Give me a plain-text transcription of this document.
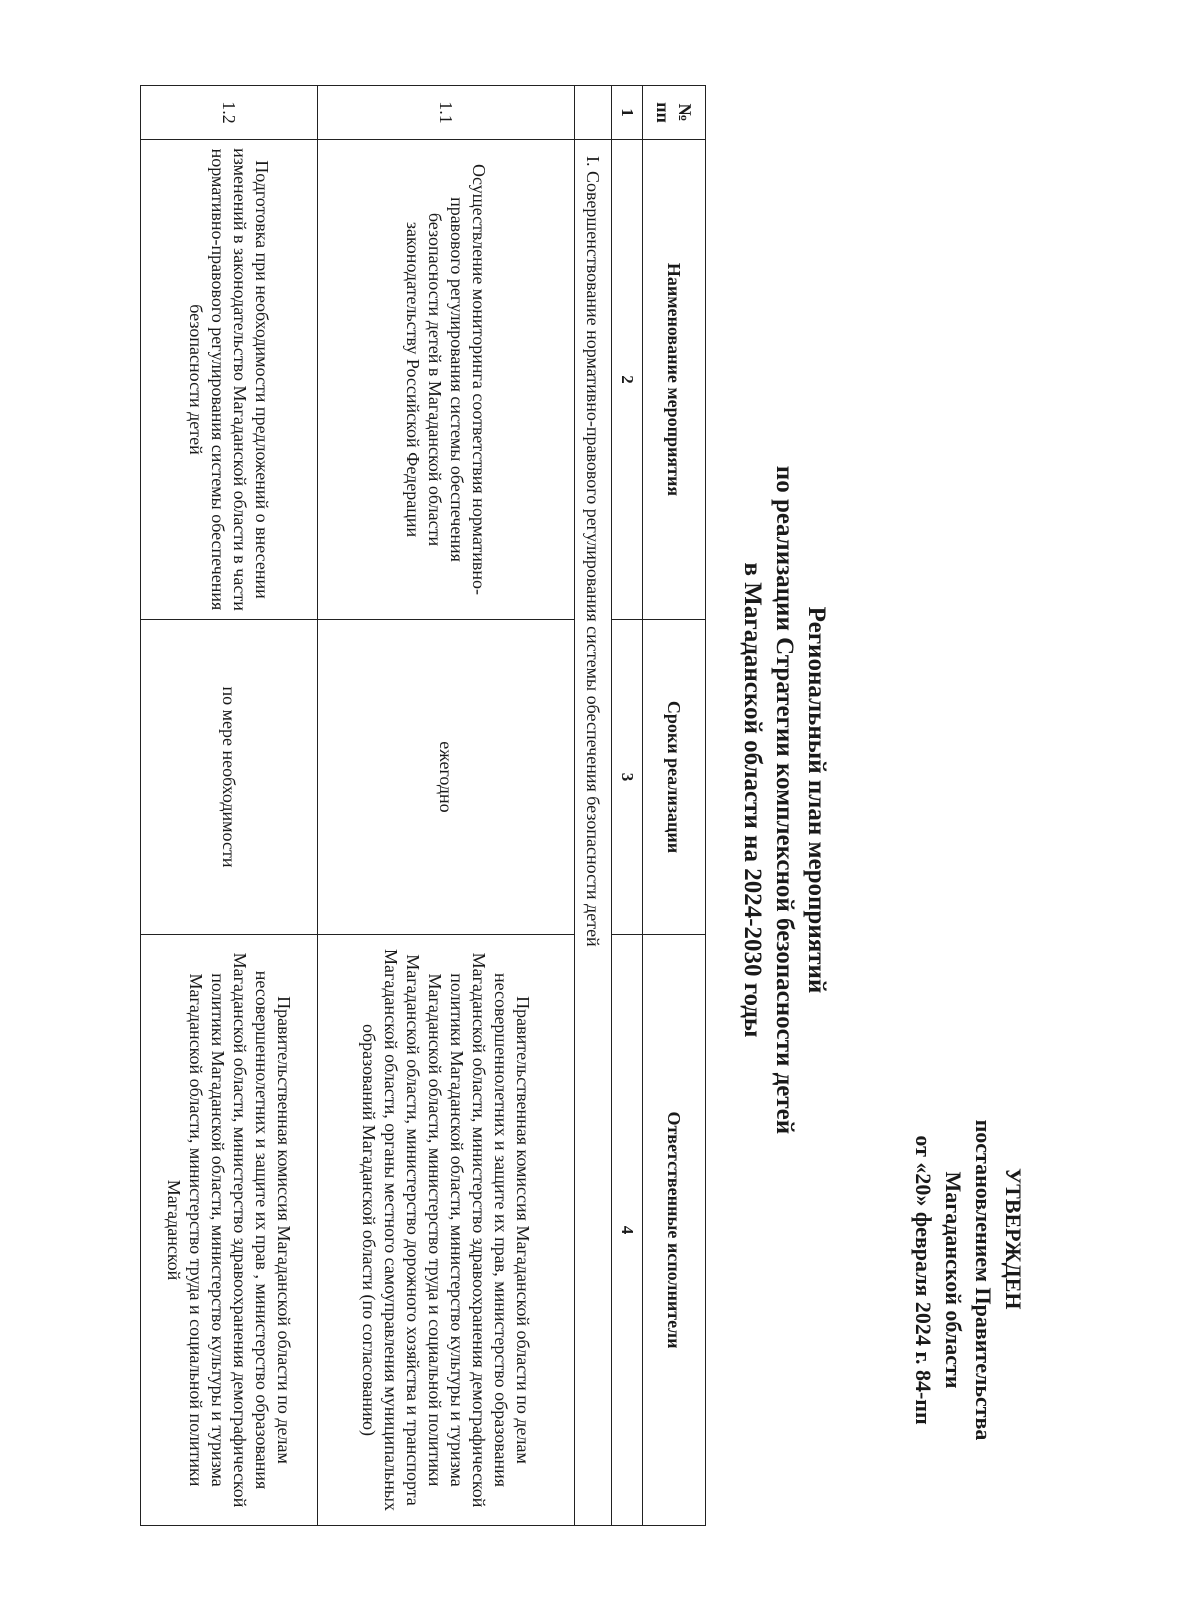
УТВЕРЖДЕН
постановлением Правительства
Магаданской области
от «20» февраля 2024 г. 84-пп
Региональный план мероприятий
по реализации Стратегии комплексной безопасности детей
в Магаданской области на 2024-2030 годы
№ пп	Наименование мероприятия	Сроки реализации	Ответственные исполнители
1	2	3	4
	I. Совершенствование нормативно-правового регулирования системы обеспечения безопасности детей		
1.1	Осуществление мониторинга соответствия нормативно-правового регулирования системы обеспечения безопасности детей в Магаданской области законодательству Российской Федерации	ежегодно	Правительственная комиссия Магаданской области по делам несовершеннолетних и защите их прав, министерство образования Магаданской области, министерство здравоохранения демографической политики Магаданской области, министерство культуры и туризма Магаданской области, министерство труда и социальной политики Магаданской области, министерство дорожного хозяйства и транспорта Магаданской области, органы местного самоуправления муниципальных образований Магаданской области (по согласованию)
1.2	Подготовка при необходимости предложений о внесении изменений в законодательство Магаданской области в части нормативно-правового регулирования системы обеспечения безопасности детей	по мере необходимости	Правительственная комиссия Магаданской области по делам несовершеннолетних и защите их прав , министерство образования Магаданской области, министерство здравоохранения демографической политики Магаданской области, министерство культуры и туризма Магаданской области, министерство труда и социальной политики Магаданской
